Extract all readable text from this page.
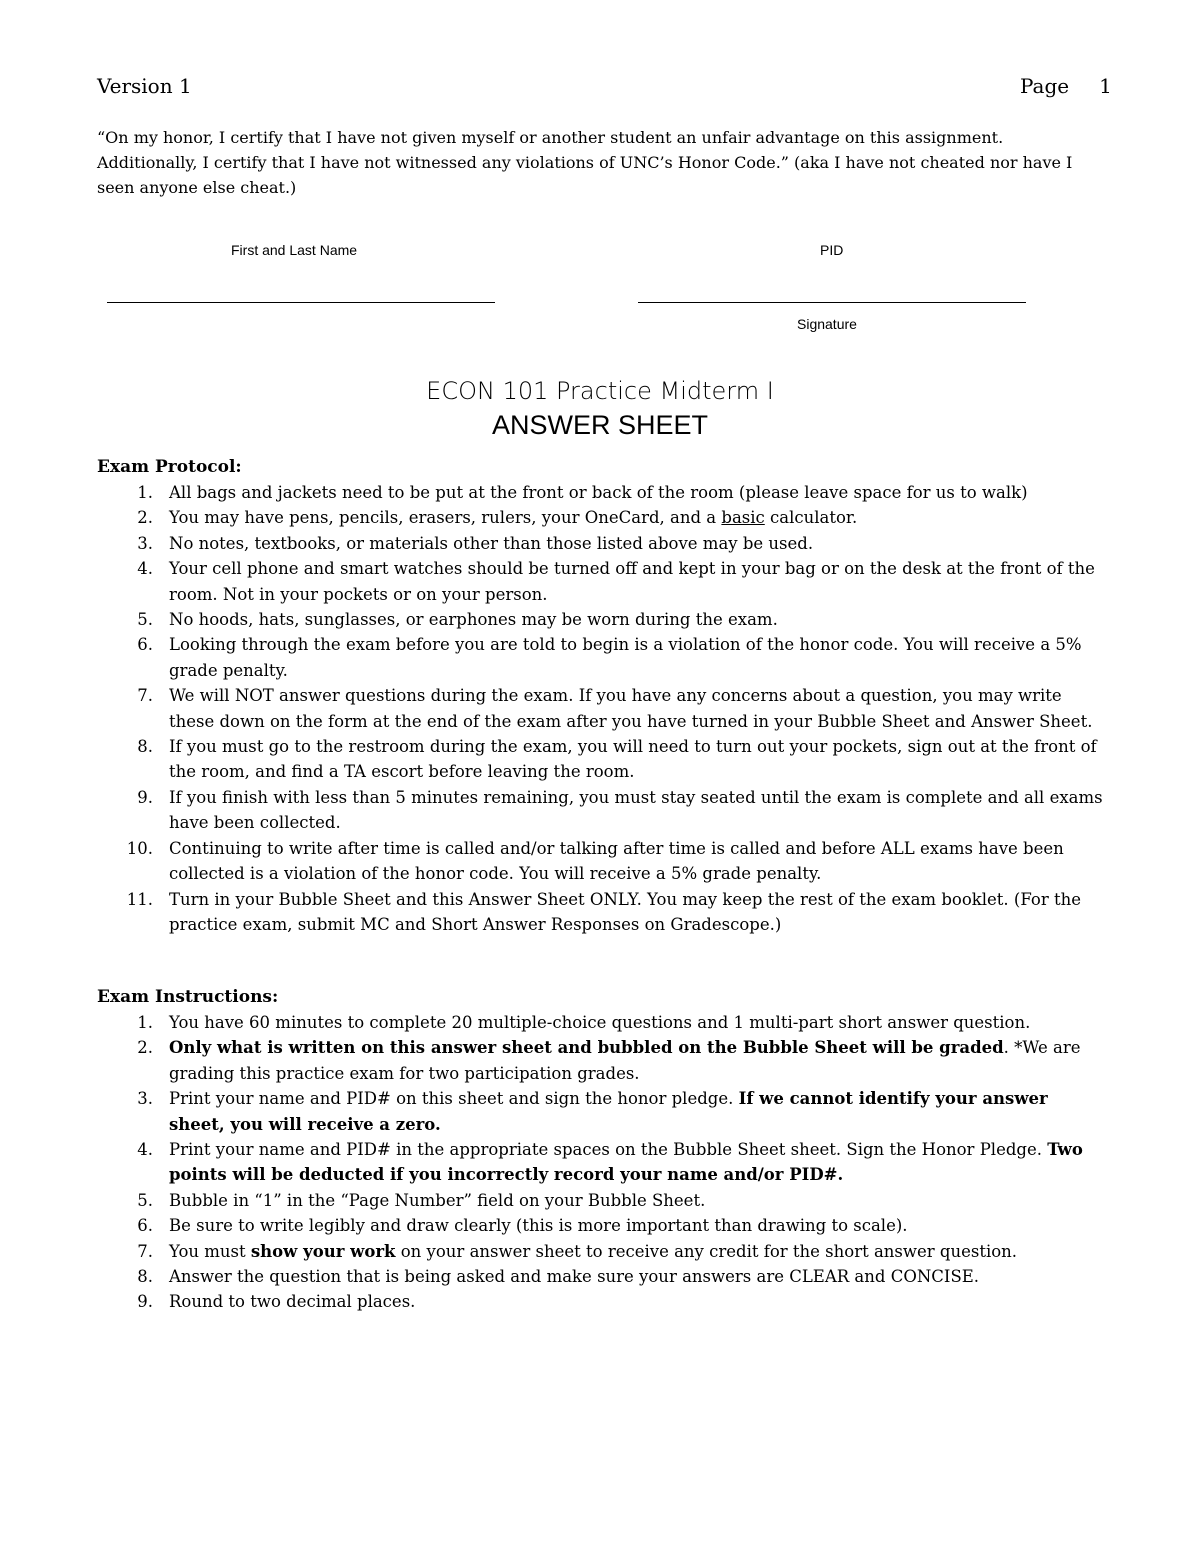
Version 1	Page 1
“On my honor, I certify that I have not given myself or another student an unfair advantage on this assignment. Additionally, I certify that I have not witnessed any violations of UNC’s Honor Code.” (aka I have not cheated nor have I seen anyone else cheat.)
First and Last Name	PID
Signature
ECON 101 Practice Midterm I
ANSWER SHEET
Exam Protocol:
1. All bags and jackets need to be put at the front or back of the room (please leave space for us to walk)
2. You may have pens, pencils, erasers, rulers, your OneCard, and a basic calculator.
3. No notes, textbooks, or materials other than those listed above may be used.
4. Your cell phone and smart watches should be turned off and kept in your bag or on the desk at the front of the room. Not in your pockets or on your person.
5. No hoods, hats, sunglasses, or earphones may be worn during the exam.
6. Looking through the exam before you are told to begin is a violation of the honor code. You will receive a 5% grade penalty.
7. We will NOT answer questions during the exam. If you have any concerns about a question, you may write these down on the form at the end of the exam after you have turned in your Bubble Sheet and Answer Sheet.
8. If you must go to the restroom during the exam, you will need to turn out your pockets, sign out at the front of the room, and find a TA escort before leaving the room.
9. If you finish with less than 5 minutes remaining, you must stay seated until the exam is complete and all exams have been collected.
10. Continuing to write after time is called and/or talking after time is called and before ALL exams have been collected is a violation of the honor code. You will receive a 5% grade penalty.
11. Turn in your Bubble Sheet and this Answer Sheet ONLY. You may keep the rest of the exam booklet. (For the practice exam, submit MC and Short Answer Responses on Gradescope.)
Exam Instructions:
1. You have 60 minutes to complete 20 multiple-choice questions and 1 multi-part short answer question.
2. Only what is written on this answer sheet and bubbled on the Bubble Sheet will be graded. *We are grading this practice exam for two participation grades.
3. Print your name and PID# on this sheet and sign the honor pledge. If we cannot identify your answer sheet, you will receive a zero.
4. Print your name and PID# in the appropriate spaces on the Bubble Sheet sheet. Sign the Honor Pledge. Two points will be deducted if you incorrectly record your name and/or PID#.
5. Bubble in “1” in the “Page Number” field on your Bubble Sheet.
6. Be sure to write legibly and draw clearly (this is more important than drawing to scale).
7. You must show your work on your answer sheet to receive any credit for the short answer question.
8. Answer the question that is being asked and make sure your answers are CLEAR and CONCISE.
9. Round to two decimal places.
